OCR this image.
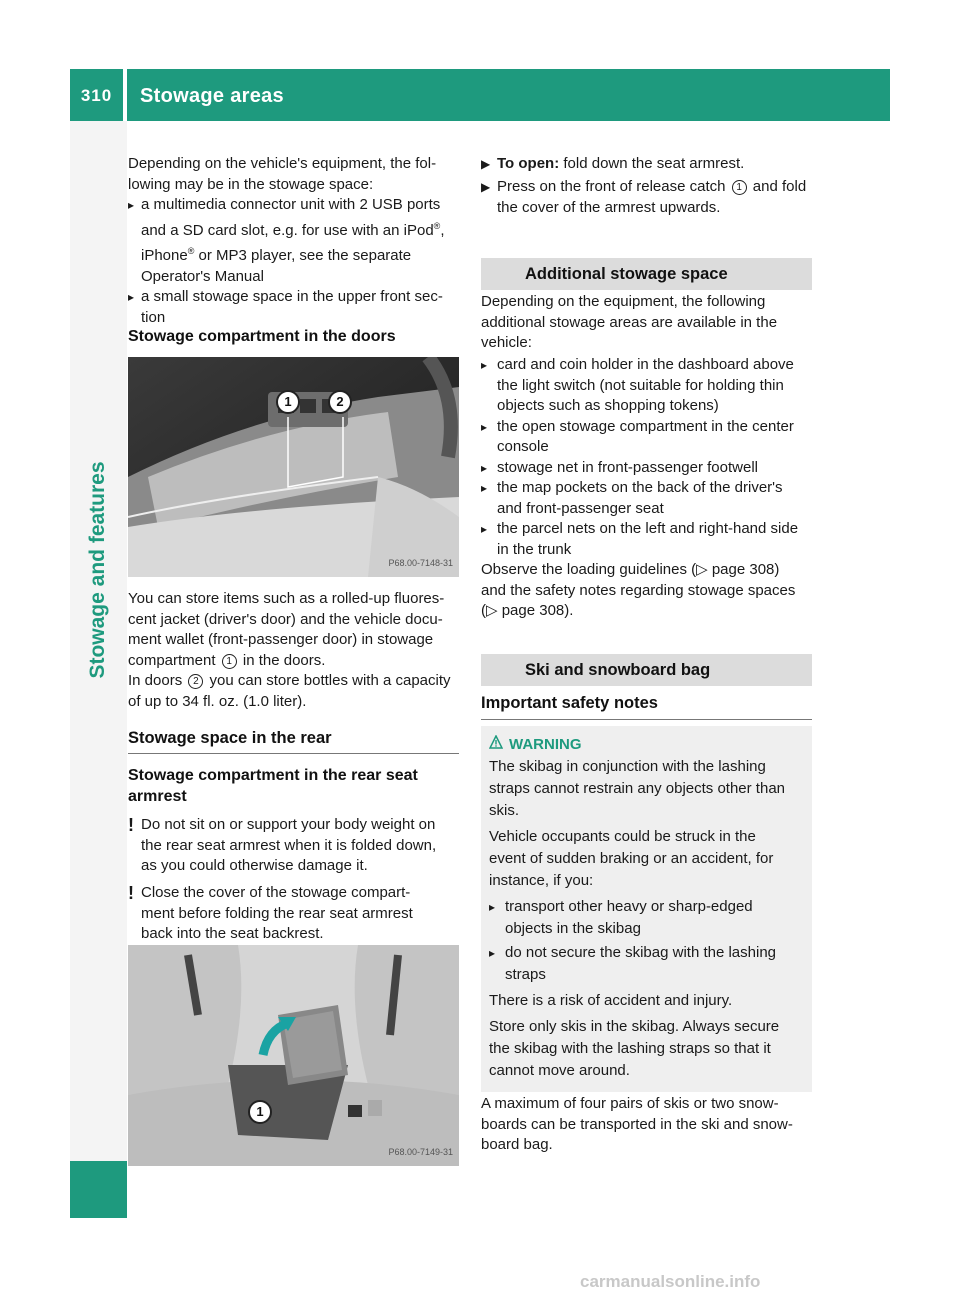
310	Stowage areas
Stowage and features
Depending on the vehicle's equipment, the fol-
lowing may be in the stowage space:
▸ a multimedia connector unit with 2 USB ports
and a SD card slot, e.g. for use with an iPod®,
iPhone® or MP3 player, see the separate
Operator's Manual
▸ a small stowage space in the upper front sec-
tion
Stowage compartment in the doors
1	2
P68.00-7148-31
You can store items such as a rolled-up fluores-
cent jacket (driver's door) and the vehicle docu-
ment wallet (front-passenger door) in stowage
compartment 1 in the doors.
In doors 2 you can store bottles with a capacity
of up to 34 fl. oz. (1.0 liter).
Stowage space in the rear
Stowage compartment in the rear seat
armrest
! Do not sit on or support your body weight on
the rear seat armrest when it is folded down,
as you could otherwise damage it.
! Close the cover of the stowage compart-
ment before folding the rear seat armrest
back into the seat backrest.
1
P68.00-7149-31
▶ To open: fold down the seat armrest.
▶ Press on the front of release catch 1 and fold
the cover of the armrest upwards.
Additional stowage space
Depending on the equipment, the following
additional stowage areas are available in the
vehicle:
▸ card and coin holder in the dashboard above
the light switch (not suitable for holding thin
objects such as shopping tokens)
▸ the open stowage compartment in the center
console
▸ stowage net in front-passenger footwell
▸ the map pockets on the back of the driver's
and front-passenger seat
▸ the parcel nets on the left and right-hand side
in the trunk
Observe the loading guidelines (▷ page 308)
and the safety notes regarding stowage spaces
(▷ page 308).
Ski and snowboard bag
Important safety notes
WARNING

The skibag in conjunction with the lashing
straps cannot restrain any objects other than
skis.

Vehicle occupants could be struck in the
event of sudden braking or an accident, for
instance, if you:

▸ transport other heavy or sharp-edged
objects in the skibag
▸ do not secure the skibag with the lashing
straps

There is a risk of accident and injury.

Store only skis in the skibag. Always secure
the skibag with the lashing straps so that it
cannot move around.

A maximum of four pairs of skis or two snow-
boards can be transported in the ski and snow-
board bag.
carmanualsonline.info
